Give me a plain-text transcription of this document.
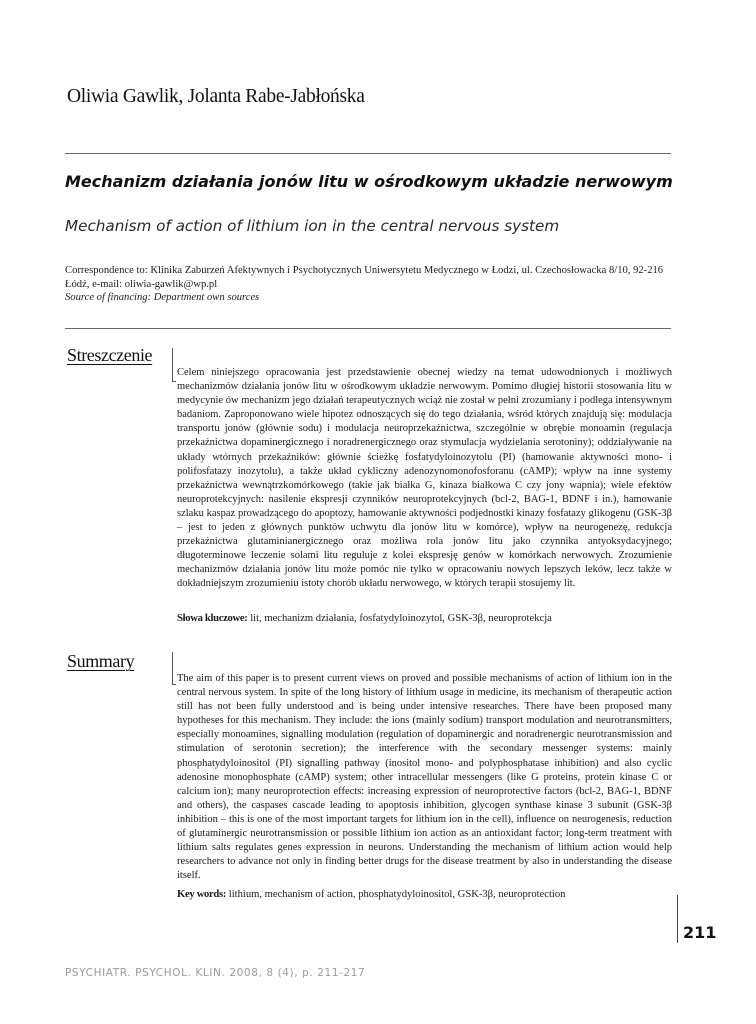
Oliwia Gawlik, Jolanta Rabe-Jabłońska
Mechanizm działania jonów litu w ośrodkowym układzie nerwowym
Mechanism of action of lithium ion in the central nervous system
Correspondence to: Klinika Zaburzeń Afektywnych i Psychotycznych Uniwersytetu Medycznego w Łodzi, ul. Czechosłowacka 8/10, 92-216 Łódź, e-mail: oliwia-gawlik@wp.pl
Source of financing: Department own sources
Streszczenie
Celem niniejszego opracowania jest przedstawienie obecnej wiedzy na temat udowodnionych i możliwych mechanizmów działania jonów litu w ośrodkowym układzie nerwowym. Pomimo długiej historii stosowania litu w medycynie ów mechanizm jego działań terapeutycznych wciąż nie został w pełni zrozumiany i podlega intensywnym badaniom. Zaproponowano wiele hipotez odnoszących się do tego działania, wśród których znajdują się: modulacja transportu jonów (głównie sodu) i modulacja neuroprzekaźnictwa, szczególnie w obrębie monoamin (regulacja przekaźnictwa dopaminergicznego i noradrenergicznego oraz stymulacja wydzielania serotoniny); oddziaływanie na układy wtórnych przekaźników: głównie ścieżkę fosfatydyloinozytolu (PI) (hamowanie aktywności mono- i polifosfatazy inozytolu), a także układ cykliczny adenozynomonofosforanu (cAMP); wpływ na inne systemy przekaźnictwa wewnątrzkomórkowego (takie jak białka G, kinaza białkowa C czy jony wapnia); wiele efektów neuroprotekcyjnych: nasilenie ekspresji czynników neuroprotekcyjnych (bcl-2, BAG-1, BDNF i in.), hamowanie szlaku kaspaz prowadzącego do apoptozy, hamowanie aktywności podjednostki kinazy fosfatazy glikogenu (GSK-3β – jest to jeden z głównych punktów uchwytu dla jonów litu w komórce), wpływ na neurogenezę, redukcja przekaźnictwa glutaminianergicznego oraz możliwa rola jonów litu jako czynnika antyoksydacyjnego; długoterminowe leczenie solami litu reguluje z kolei ekspresję genów w komórkach nerwowych. Zrozumienie mechanizmów działania jonów litu może pomóc nie tylko w opracowaniu nowych lepszych leków, lecz także w dokładniejszym zrozumieniu istoty chorób układu nerwowego, w których terapii stosujemy lit.
Słowa kluczowe: lit, mechanizm działania, fosfatydyloinozytol, GSK-3β, neuroprotekcja
Summary
The aim of this paper is to present current views on proved and possible mechanisms of action of lithium ion in the central nervous system. In spite of the long history of lithium usage in medicine, its mechanism of therapeutic action still has not been fully understood and is being under intensive researches. There have been proposed many hypotheses for this mechanism. They include: the ions (mainly sodium) transport modulation and neurotransmitters, especially monoamines, signalling modulation (regulation of dopaminergic and noradrenergic neurotransmission and stimulation of serotonin secretion); the interference with the secondary messenger systems: mainly phosphatydyloinositol (PI) signalling pathway (inositol mono- and polyphosphatase inhibition) and also cyclic adenosine monophosphate (cAMP) system; other intracellular messengers (like G proteins, protein kinase C or calcium ion); many neuroprotection effects: increasing expression of neuroprotective factors (bcl-2, BAG-1, BDNF and others), the caspases cascade leading to apoptosis inhibition, glycogen synthase kinase 3 subunit (GSK-3β inhibition – this is one of the most important targets for lithium ion in the cell), influence on neurogenesis, reduction of glutaminergic neurotransmission or possible lithium ion action as an antioxidant factor; long-term treatment with lithium salts regulates genes expression in neurons. Understanding the mechanism of lithium action would help researchers to advance not only in finding better drugs for the disease treatment by also in understanding the disease itself.
Key words: lithium, mechanism of action, phosphatydyloinositol, GSK-3β, neuroprotection
211
PSYCHIATR. PSYCHOL. KLIN. 2008, 8 (4), p. 211-217
